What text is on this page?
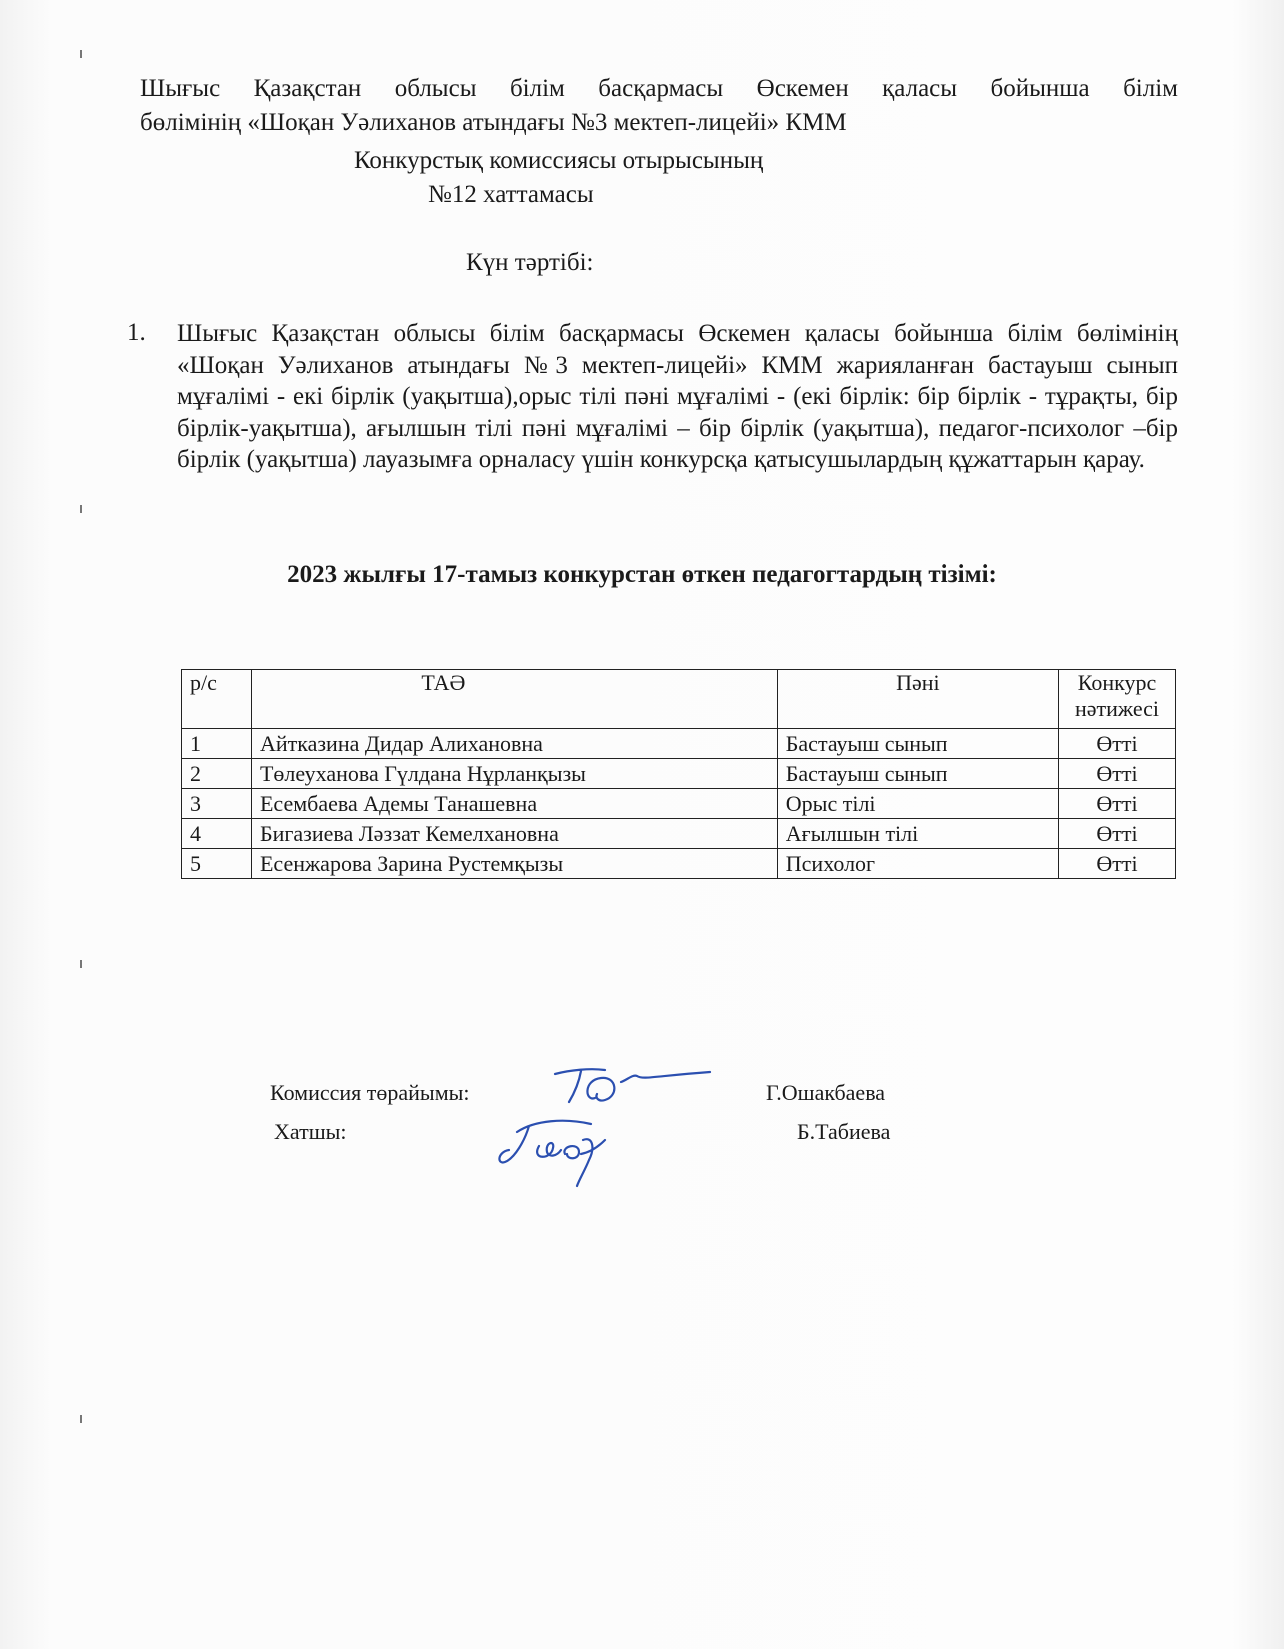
Шығыс Қазақстан облысы білім басқармасы Өскемен қаласы бойынша білім
бөлімінің «Шоқан Уәлиханов атындағы №3 мектеп-лицейі» КММ
Конкурстық комиссиясы отырысының
№12 хаттамасы
Күн тәртібі:
1. Шығыс Қазақстан облысы білім басқармасы Өскемен қаласы бойынша білім бөлімінің «Шоқан Уәлиханов атындағы №3 мектеп-лицейі» КММ жарияланған бастауыш сынып мұғалімі - екі бірлік (уақытша),орыс тілі пәні мұғалімі - (екі бірлік: бір бірлік - тұрақты, бір бірлік-уақытша), ағылшын тілі пәні мұғалімі – бір бірлік (уақытша), педагог-психолог –бір бірлік (уақытша) лауазымға орналасу үшін конкурсқа қатысушылардың құжаттарын қарау.
2023 жылғы 17-тамыз конкурстан өткен педагогтардың тізімі:
р/с	ТАӘ	Пәні	Конкурс нәтижесі
1	Айтказина Дидар Алихановна	Бастауыш сынып	Өтті
2	Төлеуханова Гүлдана Нұрланқызы	Бастауыш сынып	Өтті
3	Есембаева Адемы Танашевна	Орыс тілі	Өтті
4	Бигазиева Ләззат Кемелхановна	Ағылшын тілі	Өтті
5	Есенжарова Зарина Рустемқызы	Психолог	Өтті
Комиссия төрайымы:	Г.Ошакбаева
Хатшы:	Б.Табиева
